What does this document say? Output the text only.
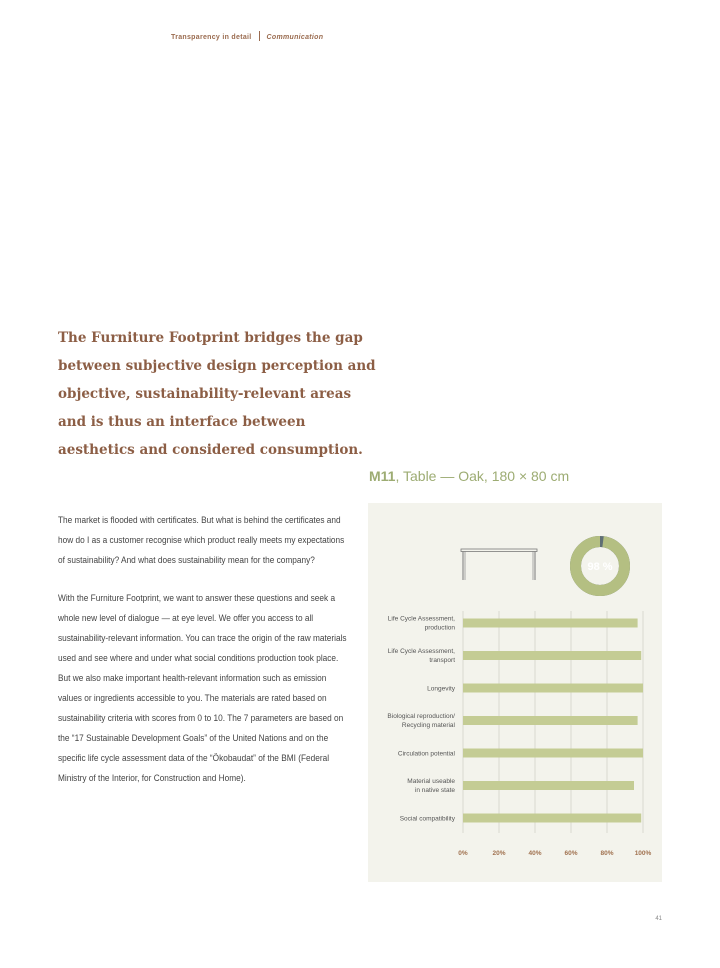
Transparency in detail Communication
The Furniture Footprint bridges the gap between subjective design perception and objective, sustainability-relevant areas and is thus an interface between aesthetics and considered consumption.

The market is flooded with certificates. But what is behind the certificates and how do I as a customer recognise which product really meets my expectations of sustainability? And what does sustainability mean for the company?

With the Furniture Footprint, we want to answer these questions and seek a whole new level of dialogue — at eye level. We offer you access to all sustainability-relevant information. You can trace the origin of the raw materials used and see where and under what social conditions production took place. But we also make important health-relevant information such as emission values or ingredients accessible to you. The materials are rated based on sustainability criteria with scores from 0 to 10. The 7 parameters are based on the “17 Sustainable Development Goals” of the United Nations and on the specific life cycle assessment data of the “Ökobaudat” of the BMI (Federal Ministry of the Interior, for Construction and Home).

M11, Table — Oak, 180 × 80 cm
98 %
0%	20%	40%	60%	80%	100%
Life Cycle Assessment, production
Life Cycle Assessment, transport
Longevity
Biological reproduction/ Recycling material
Circulation potential
Material useable in native state
Social compatibility
41
